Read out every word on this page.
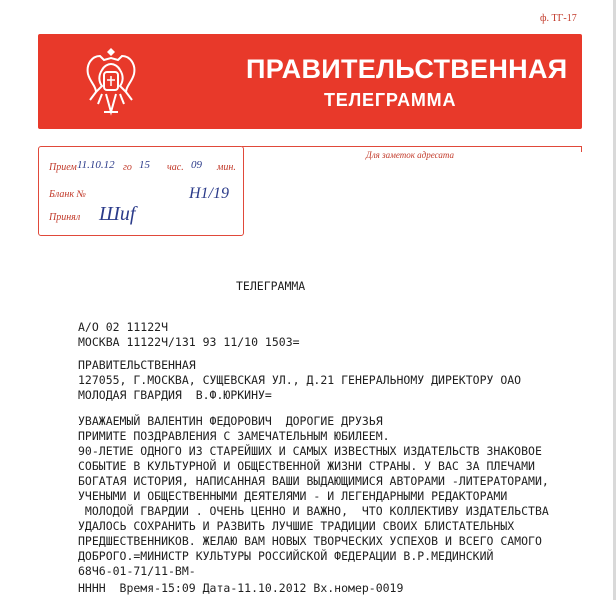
ф. ТГ-17
ПРАВИТЕЛЬСТВЕННАЯ
ТЕЛЕГРАММА
Прием 11.10.12 го 15 час. 09 мин.
Бланк №	Н1/19
Принял Шиf
Для заметок адресата
ТЕЛЕГРАММА
А/О 02 11122Ч
МОСКВА 11122Ч/131 93 11/10 1503=
ПРАВИТЕЛЬСТВЕННАЯ
127055, Г.МОСКВА, СУЩЕВСКАЯ УЛ., Д.21 ГЕНЕРАЛЬНОМУ ДИРЕКТОРУ ОАО
МОЛОДАЯ ГВАРДИЯ  В.Ф.ЮРКИНУ=
УВАЖАЕМЫЙ ВАЛЕНТИН ФЕДОРОВИЧ  ДОРОГИЕ ДРУЗЬЯ
ПРИМИТЕ ПОЗДРАВЛЕНИЯ С ЗАМЕЧАТЕЛЬНЫМ ЮБИЛЕЕМ.
90-ЛЕТИЕ ОДНОГО ИЗ СТАРЕЙШИХ И САМЫХ ИЗВЕСТНЫХ ИЗДАТЕЛЬСТВ ЗНАКОВОЕ
СОБЫТИЕ В КУЛЬТУРНОЙ И ОБЩЕСТВЕННОЙ ЖИЗНИ СТРАНЫ. У ВАС ЗА ПЛЕЧАМИ
БОГАТАЯ ИСТОРИЯ, НАПИСАННАЯ ВАШИ ВЫДАЮЩИМИСЯ АВТОРАМИ -ЛИТЕРАТОРАМИ,
УЧЕНЫМИ И ОБЩЕСТВЕННЫМИ ДЕЯТЕЛЯМИ - И ЛЕГЕНДАРНЫМИ РЕДАКТОРАМИ
МОЛОДОЙ ГВАРДИИ . ОЧЕНЬ ЦЕННО И ВАЖНО,  ЧТО КОЛЛЕКТИВУ ИЗДАТЕЛЬСТВА
УДАЛОСЬ СОХРАНИТЬ И РАЗВИТЬ ЛУЧШИЕ ТРАДИЦИИ СВОИХ БЛИСТАТЕЛЬНЫХ
ПРЕДШЕСТВЕННИКОВ. ЖЕЛАЮ ВАМ НОВЫХ ТВОРЧЕСКИХ УСПЕХОВ И ВСЕГО САМОГО
ДОБРОГО.=МИНИСТР КУЛЬТУРЫ РОССИЙСКОЙ ФЕДЕРАЦИИ В.Р.МЕДИНСКИЙ
68Ч6-01-71/11-ВМ-
НННН  Время-15:09 Дата-11.10.2012 Вх.номер-0019
